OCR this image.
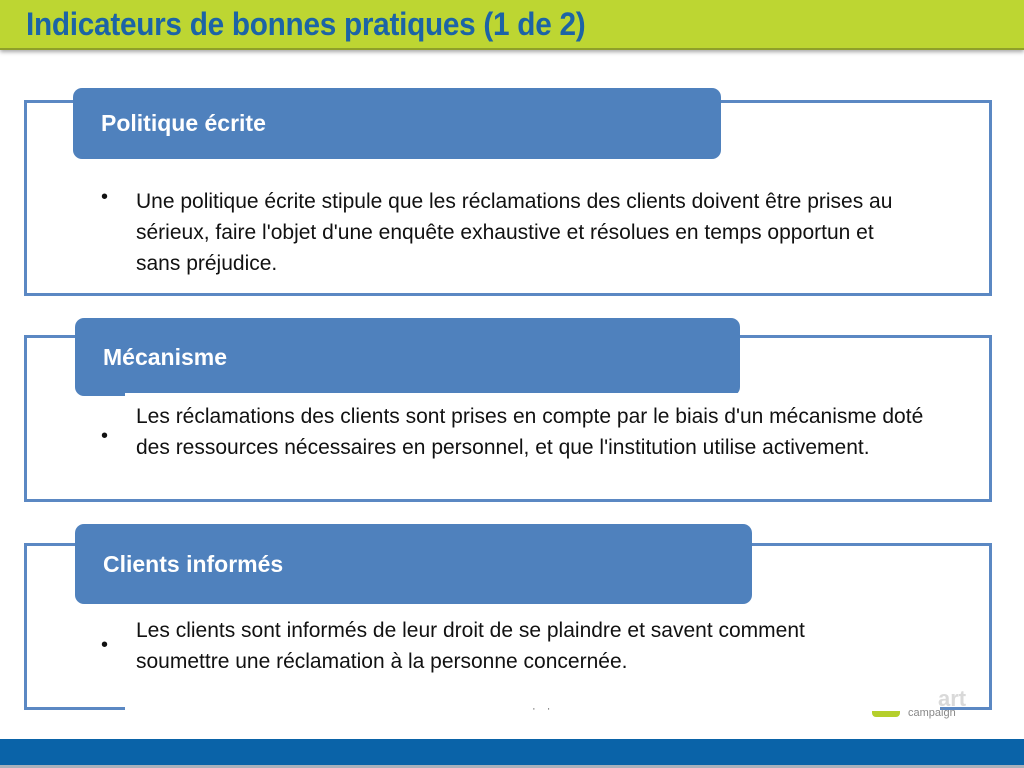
Indicateurs de bonnes pratiques (1 de 2)
Politique écrite
• Une politique écrite stipule que les réclamations des clients doivent être prises au sérieux, faire l'objet d'une enquête exhaustive et résolues en temps opportun et sans préjudice.
Mécanisme
•
Les réclamations des clients sont prises en compte par le biais d'un mécanisme doté des ressources nécessaires en personnel, et que l'institution utilise activement.
Clients informés
•
Les clients sont informés de leur droit de se plaindre et savent comment soumettre une réclamation à la personne concernée.
· ·	art
campaign
